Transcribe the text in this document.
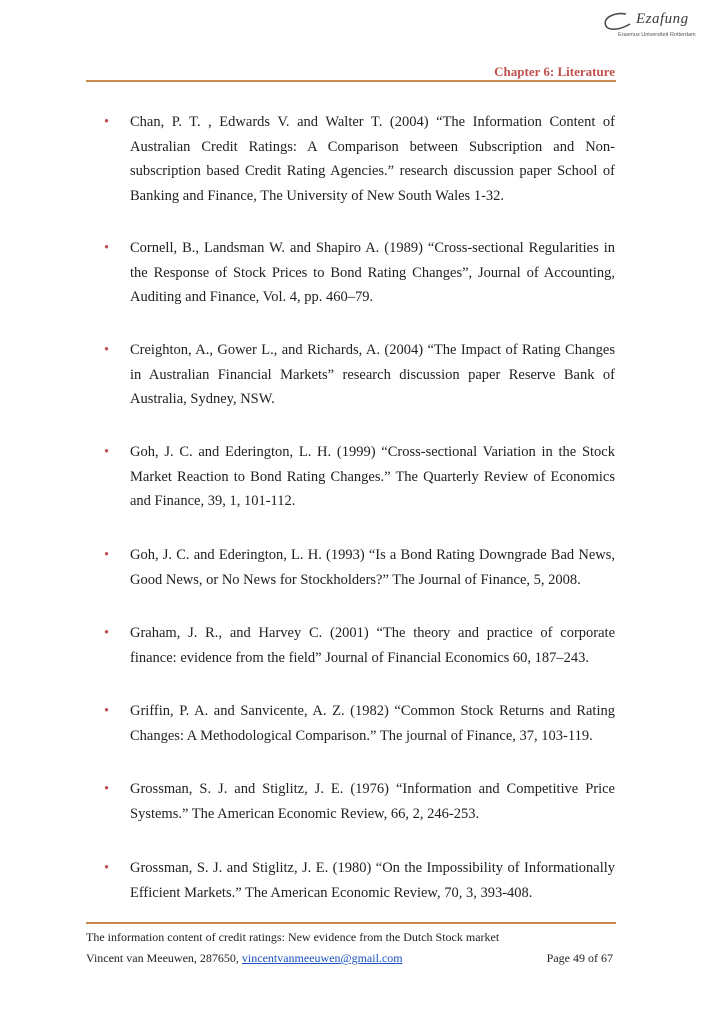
Ezafung
Erasmus Universiteit Rotterdam
Chapter 6: Literature
• Chan, P. T. , Edwards V. and Walter T. (2004) “The Information Content of Australian Credit Ratings: A Comparison between Subscription and Non-subscription based Credit Rating Agencies.” research discussion paper School of Banking and Finance, The University of New South Wales 1-32.
• Cornell, B., Landsman W. and Shapiro A. (1989) “Cross-sectional Regularities in the Response of Stock Prices to Bond Rating Changes”, Journal of Accounting, Auditing and Finance, Vol. 4, pp. 460–79.
• Creighton, A., Gower L., and Richards, A. (2004) “The Impact of Rating Changes in Australian Financial Markets” research discussion paper Reserve Bank of Australia, Sydney, NSW.
• Goh, J. C. and Ederington, L. H. (1999) “Cross-sectional Variation in the Stock Market Reaction to Bond Rating Changes.” The Quarterly Review of Economics and Finance, 39, 1, 101-112.
• Goh, J. C. and Ederington, L. H. (1993) “Is a Bond Rating Downgrade Bad News, Good News, or No News for Stockholders?” The Journal of Finance, 5, 2008.
• Graham, J. R., and Harvey C. (2001) “The theory and practice of corporate finance: evidence from the field” Journal of Financial Economics 60, 187–243.
• Griffin, P. A. and Sanvicente, A. Z. (1982) “Common Stock Returns and Rating Changes: A Methodological Comparison.” The journal of Finance, 37, 103-119.
• Grossman, S. J. and Stiglitz, J. E. (1976) “Information and Competitive Price Systems.” The American Economic Review, 66, 2, 246-253.
• Grossman, S. J. and Stiglitz, J. E. (1980) “On the Impossibility of Informationally Efficient Markets.” The American Economic Review, 70, 3, 393-408.
The information content of credit ratings: New evidence from the Dutch Stock market
Vincent van Meeuwen, 287650, vincentvanmeeuwen@gmail.com	Page 49 of 67
